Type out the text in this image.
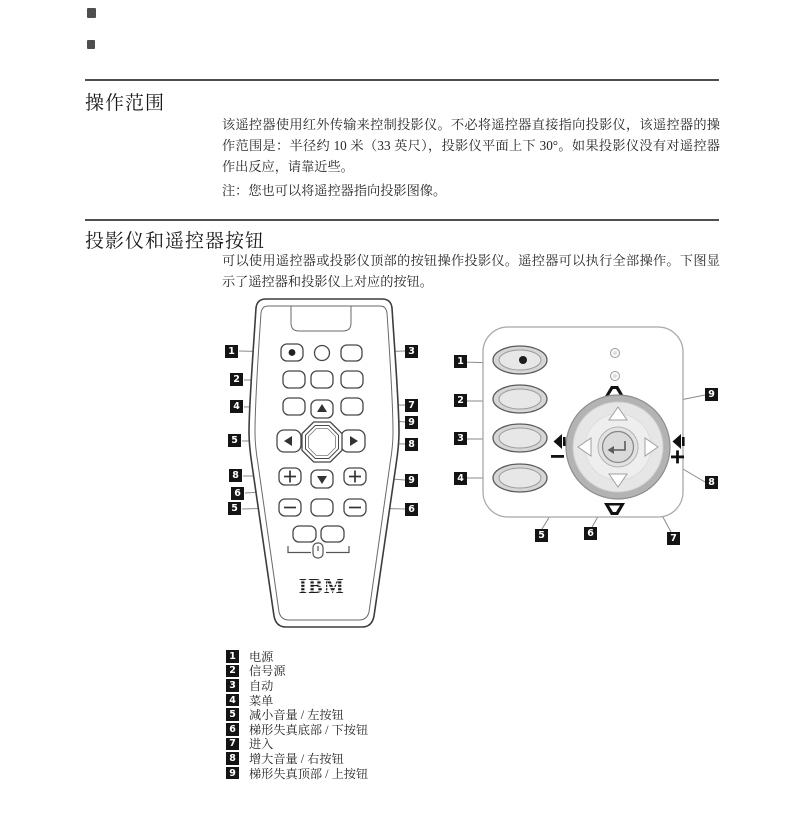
操作范围

该遥控器使用红外传输来控制投影仪。不必将遥控器直接指向投影仪，该遥控器的操作范围是：半径约 10 米（33 英尺），投影仪平面上下 30°。如果投影仪没有对遥控器作出反应，请靠近些。

注：您也可以将遥控器指向投影图像。

投影仪和遥控器按钮

可以使用遥控器或投影仪顶部的按钮操作投影仪。遥控器可以执行全部操作。下图显示了遥控器和投影仪上对应的按钮。

IBM
1
2
4
5
8
6
5
3
7
9
8
9
6
1
2
3
4
9
8
5	6	7
1 电源
2 信号源
3 自动
4 菜单
5 减小音量 / 左按钮
6 梯形失真底部 / 下按钮
7 进入
8 增大音量 / 右按钮
9 梯形失真顶部 / 上按钮
